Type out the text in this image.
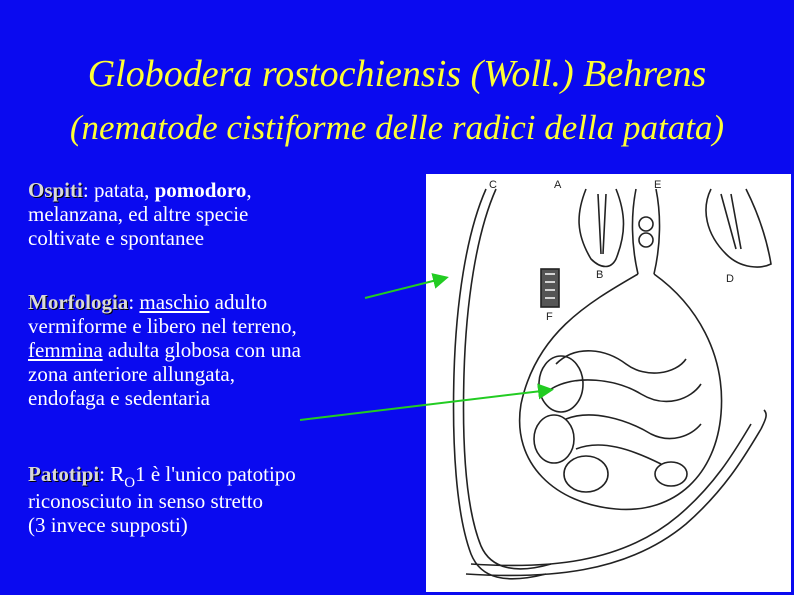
Globodera rostochiensis (Woll.) Behrens
(nematode cistiforme delle radici della patata)
Ospiti: patata, pomodoro,
melanzana, ed altre specie
coltivate e spontanee
Morfologia: maschio adulto
vermiforme e libero nel terreno,
femmina adulta globosa con una
zona anteriore allungata,
endofaga e sedentaria
Patotipi: $R_O1$ è l'unico patotipo
riconosciuto in senso stretto
(3 invece supposti)
C	A	E
B	D
F
